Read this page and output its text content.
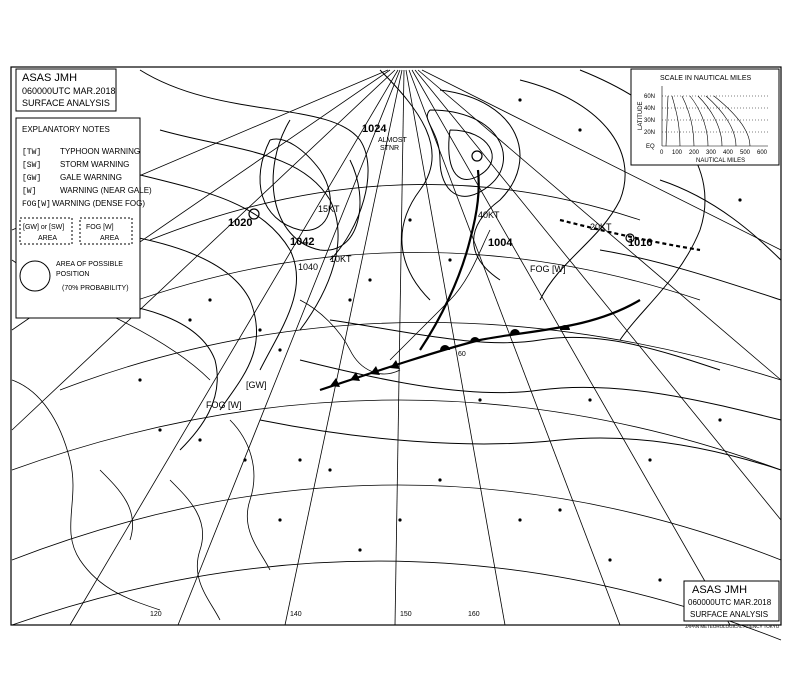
1024
1042
1040
1020
1016
1004
10KT
15KT
40KT
20KT
ALMOST
STNR
[GW]
FOG [W]
FOG [W]
60
160
150
140
120
ASAS JMH
060000UTC MAR.2018
SURFACE ANALYSIS
EXPLANATORY NOTES
[TW] TYPHOON WARNING
[SW] STORM WARNING
[GW] GALE WARNING
[W]	WARNING (NEAR GALE)
FOG[W] WARNING (DENSE FOG)
[GW] or [SW]
AREA
FOG [W]
AREA
AREA OF POSSIBLE
POSITION
(70% PROBABILITY)
SCALE IN NAUTICAL MILES
LATITUDE
60N
40N
30N
20N
EQ
0 100 200 300 400 500 600
NAUTICAL MILES
ASAS JMH
060000UTC MAR.2018
SURFACE ANALYSIS
JAPAN METEOROLOGICAL AGENCY TOKYO
